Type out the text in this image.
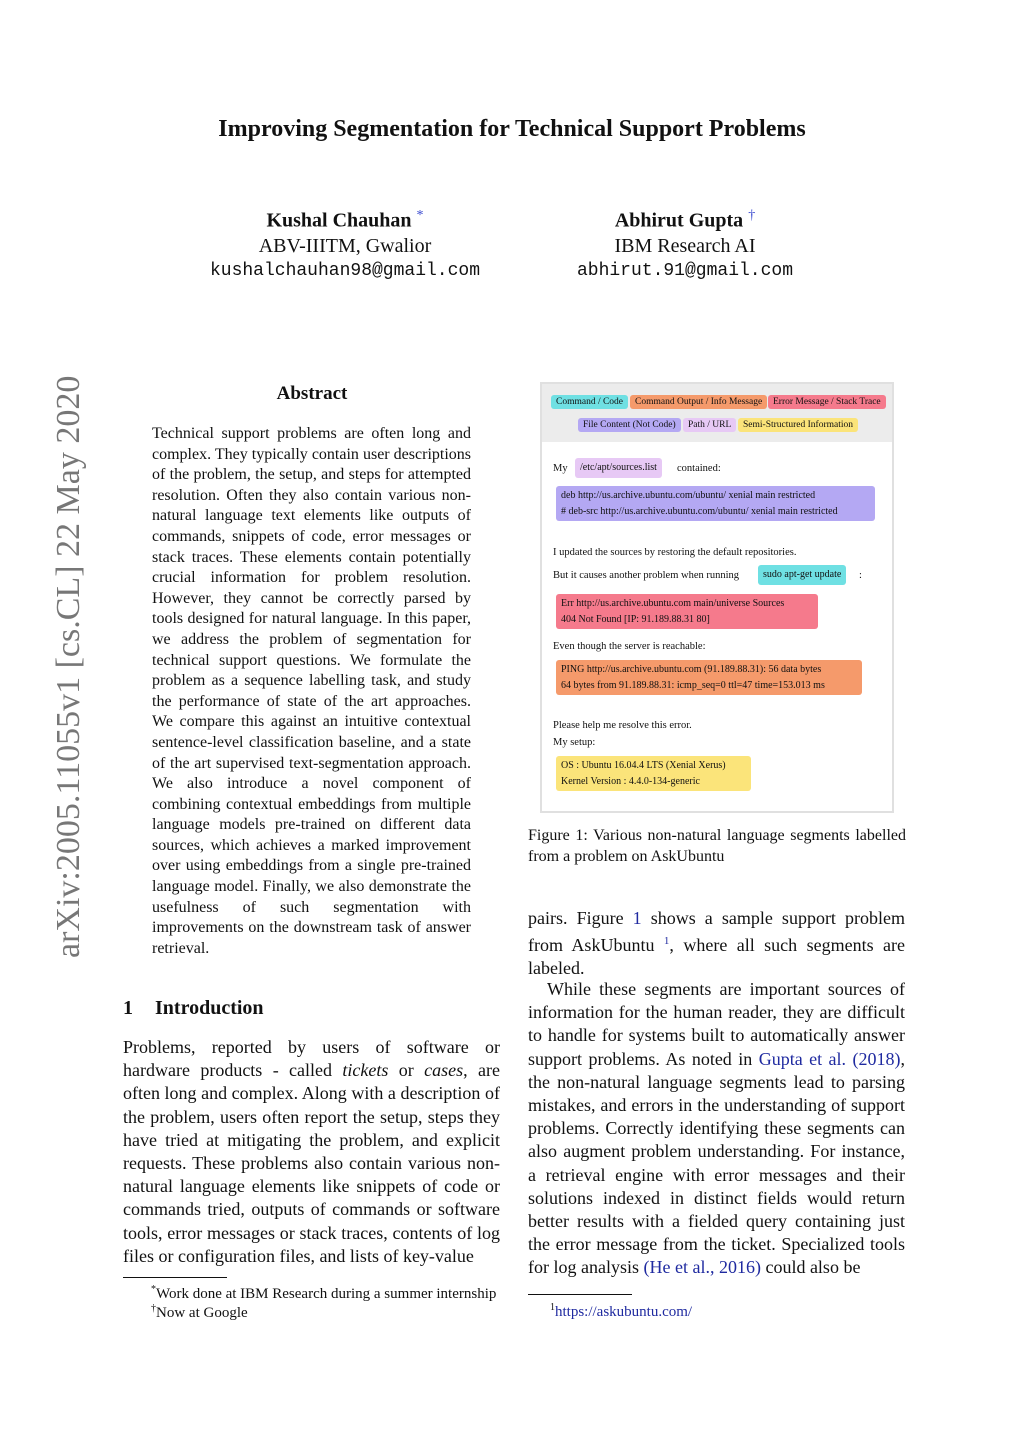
Improving Segmentation for Technical Support Problems
Kushal Chauhan *
ABV-IIITM, Gwalior
kushalchauhan98@gmail.com
Abhirut Gupta †
IBM Research AI
abhirut.91@gmail.com
arXiv:2005.11055v1 [cs.CL] 22 May 2020	Abstract
Technical support problems are often long and complex. They typically contain user descriptions of the problem, the setup, and steps for attempted resolution. Often they also contain various non-natural language text elements like outputs of commands, snippets of code, error messages or stack traces. These elements contain potentially crucial information for problem resolution. However, they cannot be correctly parsed by tools designed for natural language. In this paper, we address the problem of segmentation for technical support questions. We formulate the problem as a sequence labelling task, and study the performance of state of the art approaches. We compare this against an intuitive contextual sentence-level classification baseline, and a state of the art supervised text-segmentation approach. We also introduce a novel component of combining contextual embeddings from multiple language models pre-trained on different data sources, which achieves a marked improvement over using embeddings from a single pre-trained language model. Finally, we also demonstrate the usefulness of such segmentation with improvements on the downstream task of answer retrieval.
1 Introduction
Problems, reported by users of software or hardware products - called tickets or cases, are often long and complex. Along with a description of the problem, users often report the setup, steps they have tried at mitigating the problem, and explicit requests. These problems also contain various non-natural language elements like snippets of code or commands tried, outputs of commands or software tools, error messages or stack traces, contents of log files or configuration files, and lists of key-value
*Work done at IBM Research during a summer internship
†Now at Google
Command / Code	Command Output / Info Message	Error Message / Stack Trace
File Content (Not Code)	Path / URL	Semi-Structured Information
My	/etc/apt/sources.list	contained:
deb http://us.archive.ubuntu.com/ubuntu/ xenial main restricted
# deb-src http://us.archive.ubuntu.com/ubuntu/ xenial main restricted
I updated the sources by restoring the default repositories.
But it causes another problem when running	sudo apt-get update	:
Err http://us.archive.ubuntu.com main/universe Sources
404 Not Found [IP: 91.189.88.31 80]
Even though the server is reachable:
PING http://us.archive.ubuntu.com (91.189.88.31): 56 data bytes
64 bytes from 91.189.88.31: icmp_seq=0 ttl=47 time=153.013 ms
Please help me resolve this error.
My setup:
OS : Ubuntu 16.04.4 LTS (Xenial Xerus)
Kernel Version : 4.4.0-134-generic
Figure 1: Various non-natural language segments labelled from a problem on AskUbuntu
pairs. Figure 1 shows a sample support problem from AskUbuntu $^1$, where all such segments are labeled.
While these segments are important sources of information for the human reader, they are difficult to handle for systems built to automatically answer support problems. As noted in Gupta et al. (2018), the non-natural language segments lead to parsing mistakes, and errors in the understanding of support problems. Correctly identifying these segments can also augment problem understanding. For instance, a retrieval engine with error messages and their solutions indexed in distinct fields would return better results with a fielded query containing just the error message from the ticket. Specialized tools for log analysis (He et al., 2016) could also be
$^1$https://askubuntu.com/
